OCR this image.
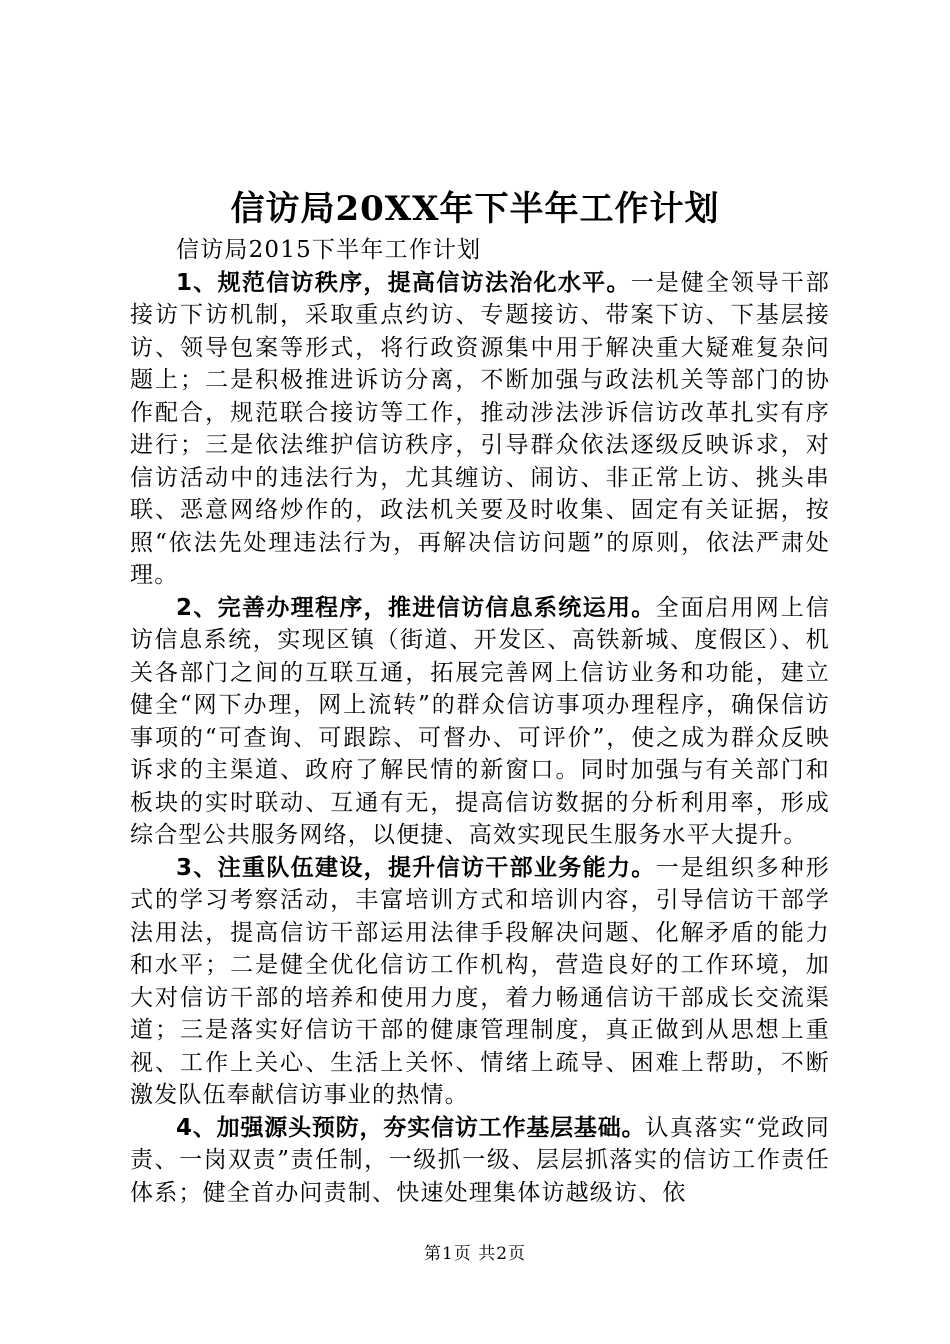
信访局20XX年下半年工作计划

信访局2015下半年工作计划

1、规范信访秩序，提高信访法治化水平。一是健全领导干部接访下访机制，采取重点约访、专题接访、带案下访、下基层接访、领导包案等形式，将行政资源集中用于解决重大疑难复杂问题上；二是积极推进诉访分离，不断加强与政法机关等部门的协作配合，规范联合接访等工作，推动涉法涉诉信访改革扎实有序进行；三是依法维护信访秩序，引导群众依法逐级反映诉求，对信访活动中的违法行为，尤其缠访、闹访、非正常上访、挑头串联、恶意网络炒作的，政法机关要及时收集、固定有关证据，按照“依法先处理违法行为，再解决信访问题”的原则，依法严肃处理。

2、完善办理程序，推进信访信息系统运用。全面启用网上信访信息系统，实现区镇（街道、开发区、高铁新城、度假区）、机关各部门之间的互联互通，拓展完善网上信访业务和功能，建立健全“网下办理，网上流转”的群众信访事项办理程序，确保信访事项的“可查询、可跟踪、可督办、可评价”，使之成为群众反映诉求的主渠道、政府了解民情的新窗口。同时加强与有关部门和板块的实时联动、互通有无，提高信访数据的分析利用率，形成综合型公共服务网络，以便捷、高效实现民生服务水平大提升。

3、注重队伍建设，提升信访干部业务能力。一是组织多种形式的学习考察活动，丰富培训方式和培训内容，引导信访干部学法用法，提高信访干部运用法律手段解决问题、化解矛盾的能力和水平；二是健全优化信访工作机构，营造良好的工作环境，加大对信访干部的培养和使用力度，着力畅通信访干部成长交流渠道；三是落实好信访干部的健康管理制度，真正做到从思想上重视、工作上关心、生活上关怀、情绪上疏导、困难上帮助，不断激发队伍奉献信访事业的热情。

4、加强源头预防，夯实信访工作基层基础。认真落实“党政同责、一岗双责”责任制，一级抓一级、层层抓落实的信访工作责任体系；健全首办问责制、快速处理集体访越级访、依

第1页 共2页
